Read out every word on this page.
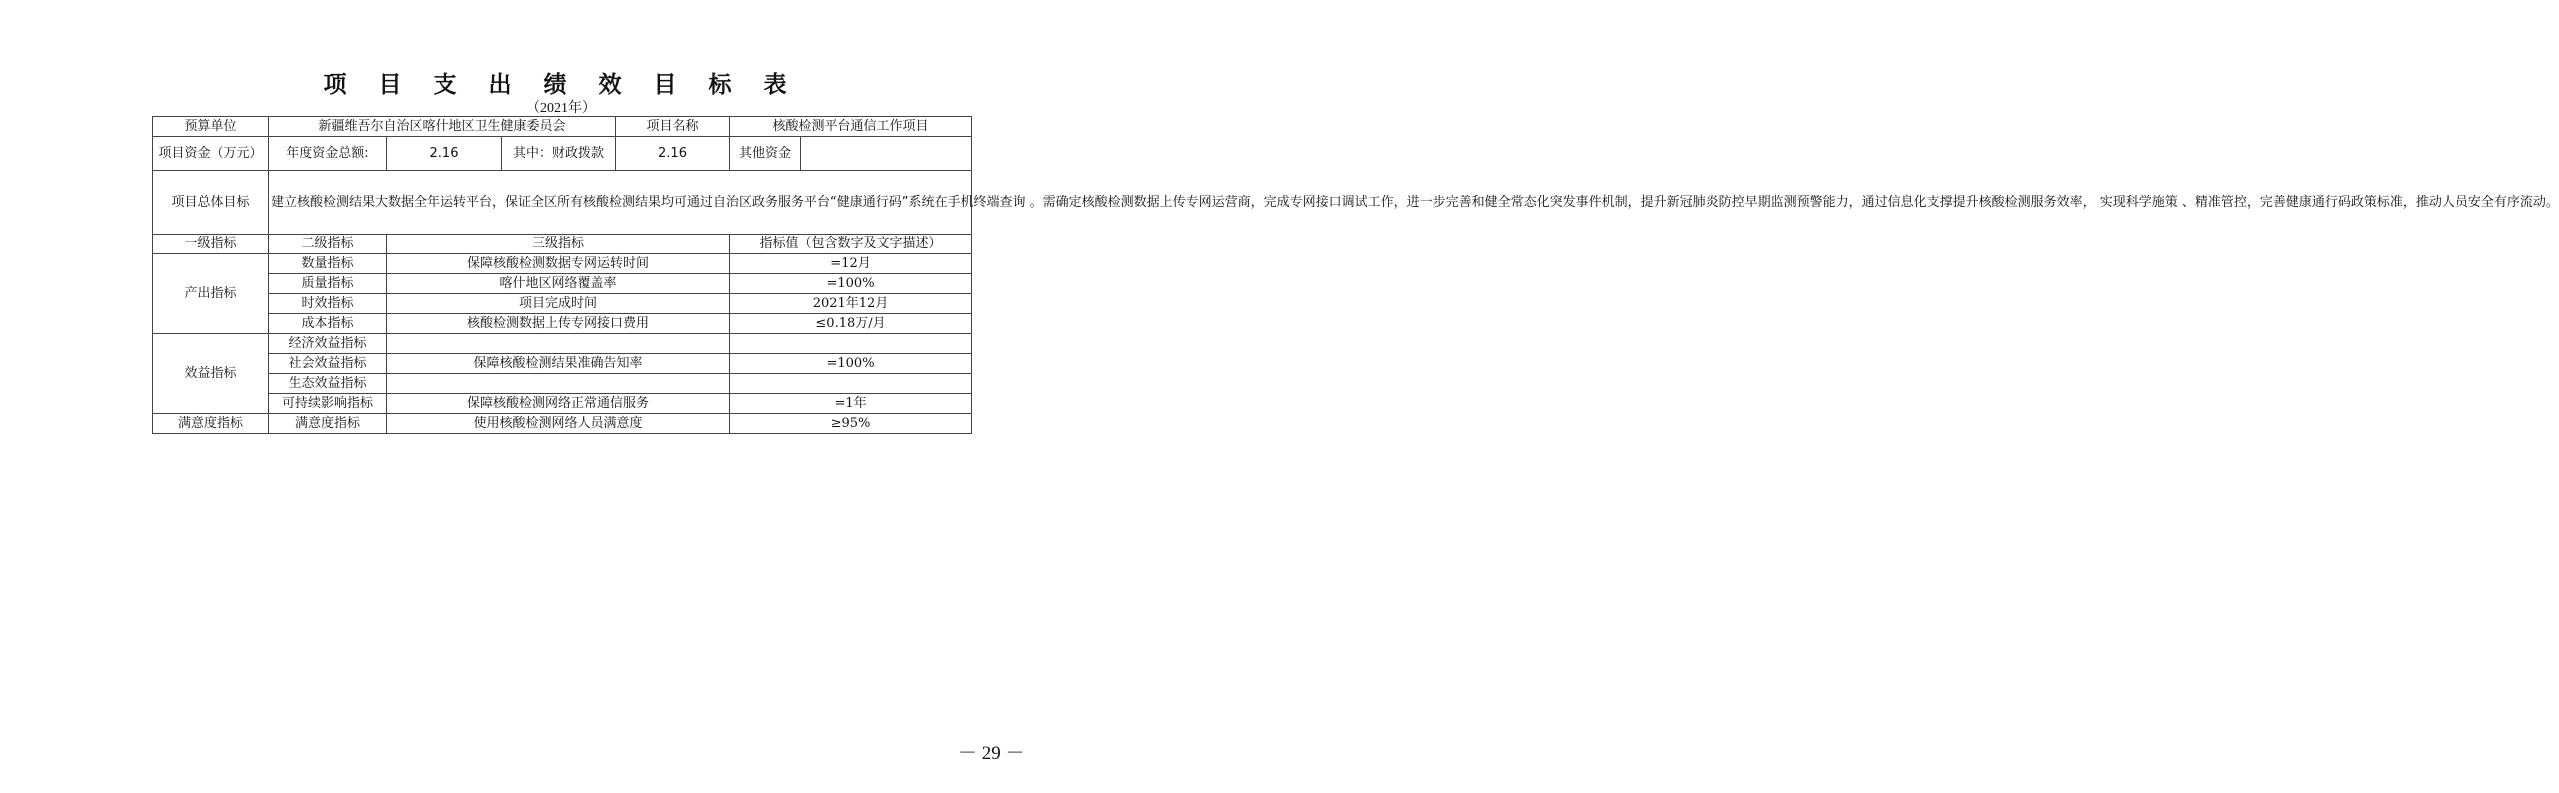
项 目 支 出 绩 效 目 标 表
（2021年）
预算单位	新疆维吾尔自治区喀什地区卫生健康委员会			项目名称	核酸检测平台通信工作项目	
项目资金（万元）	年度资金总额:	2.16	其中：财政拨款	2.16	其他资金	
项目总体目标	建立核酸检测结果大数据全年运转平台，保证全区所有核酸检测结果均可通过自治区政务服务平台“健康通行码”系统在手机终端查询 。需确定核酸检测数据上传专网运营商，完成专网接口调试工作，进一步完善和健全常态化突发事件机制，提升新冠肺炎防控早期监测预警能力，通过信息化支撑提升核酸检测服务效率， 实现科学施策 、精准管控，完善健康通行码政策标准，推动人员安全有序流动。					
一级指标	二级指标	三级指标			指标值（包含数字及文字描述）	
产出指标	数量指标	保障核酸检测数据专网运转时间			=12月	
	质量指标	喀什地区网络覆盖率			=100%	
	时效指标	项目完成时间			2021年12月	
	成本指标	核酸检测数据上传专网接口费用			≤0.18万/月	
效益指标	经济效益指标					
	社会效益指标	保障核酸检测结果准确告知率			=100%	
	生态效益指标					
	可持续影响指标	保障核酸检测网络正常通信服务			=1年	
满意度指标	满意度指标	使用核酸检测网络人员满意度			≥95%	
－ 29 －
